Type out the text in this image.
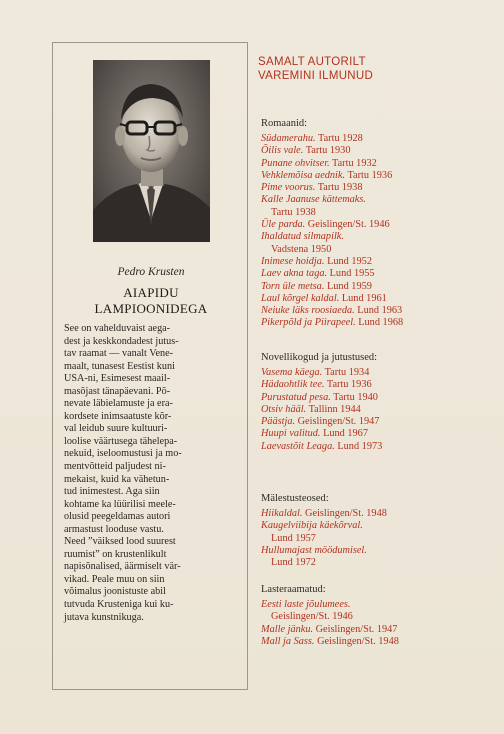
Pedro Krusten
AIAPIDU
LAMPIOONIDEGA
See on vahelduvaist aega-
dest ja keskkondadest jutus-
tav raamat — vanalt Vene-
maalt, tunasest Eestist kuni
USA-ni, Esimesest maail-
masõjast tänapäevani. Põ-
nevate läbielamuste ja era-
kordsete inimsaatuste kõr-
val leidub suure kultuuri-
loolise väärtusega tähelepa-
nekuid, iseloomustusi ja mo-
mentvõtteid paljudest ni-
mekaist, kuid ka vähetun-
tud inimestest. Aga siin
kohtame ka lüürilisi meele-
olusid peegeldamas autori
armastust looduse vastu.
Need ”väiksed lood suurest
ruumist” on krustenlikult
napisõnalised, äärmiselt vär-
vikad. Peale muu on siin
võimalus joonistuste abil
tutvuda Krusteniga kui ku-
jutava kunstnikuga.
SAMALT AUTORILT
VAREMINI ILMUNUD
Romaanid:
Südamerahu. Tartu 1928
Õilis vale. Tartu 1930
Punane ohvitser. Tartu 1932
Vehklemõisa aednik. Tartu 1936
Pime voorus. Tartu 1938
Kalle Jaanuse kättemaks.
Tartu 1938
Üle parda. Geislingen/St. 1946
Ihaldatud silmapilk.
Vadstena 1950
Inimese hoidja. Lund 1952
Laev akna taga. Lund 1955
Torn üle metsa. Lund 1959
Laul kõrgel kaldal. Lund 1961
Neiuke läks roosiaeda. Lund 1963
Pikerpõld ja Piirapeel. Lund 1968
Novellikogud ja jutustused:
Vasema käega. Tartu 1934
Hädaohtlik tee. Tartu 1936
Purustatud pesa. Tartu 1940
Otsiv hääl. Tallinn 1944
Päästja. Geislingen/St. 1947
Huupi valitud. Lund 1967
Laevastõit Leaga. Lund 1973
Mälestusteosed:
Hiikaldal. Geislingen/St. 1948
Kaugelviibija käekõrval.
Lund 1957
Hullumajast möödumisel.
Lund 1972
Lasteraamatud:
Eesti laste jõulumees.
Geislingen/St. 1946
Malle jänku. Geislingen/St. 1947
Mall ja Sass. Geislingen/St. 1948
